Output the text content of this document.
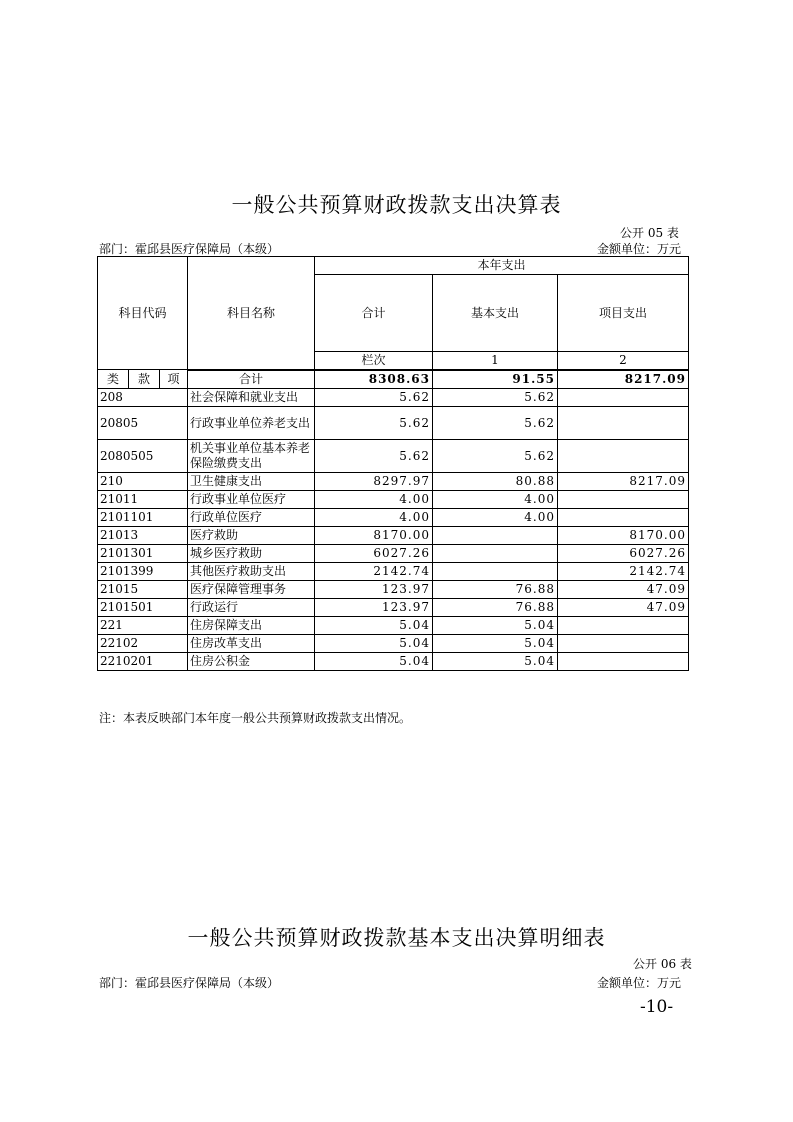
一般公共预算财政拨款支出决算表
公开 05 表
部门：霍邱县医疗保障局（本级）	金额单位：万元
科目代码			科目名称	本年支出			
				合计	基本支出	项目支出	
				栏次	1	2	
类	款	项					
			合计	8308.63	91.55	8217.09	
208			社会保障和就业支出	5.62	5.62		
20805			行政事业单位养老支出	5.62	5.62		
2080505			机关事业单位基本养老保险缴费支出	5.62	5.62		
210			卫生健康支出	8297.97	80.88	8217.09	
21011			行政事业单位医疗	4.00	4.00		
2101101			行政单位医疗	4.00	4.00		
21013			医疗救助	8170.00		8170.00	
2101301			城乡医疗救助	6027.26		6027.26	
2101399			其他医疗救助支出	2142.74		2142.74	
21015			医疗保障管理事务	123.97	76.88	47.09	
2101501			行政运行	123.97	76.88	47.09	
221			住房保障支出	5.04	5.04		
22102			住房改革支出	5.04	5.04		
2210201			住房公积金	5.04	5.04		
注：本表反映部门本年度一般公共预算财政拨款支出情况。
一般公共预算财政拨款基本支出决算明细表
公开 06 表
部门：霍邱县医疗保障局（本级）	金额单位：万元
-10-
